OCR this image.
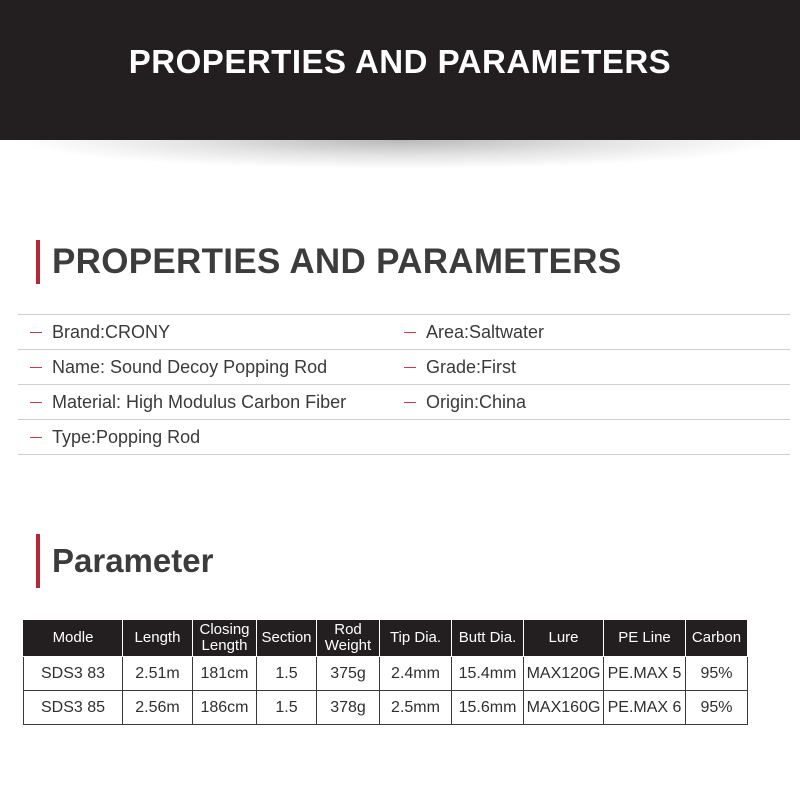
PROPERTIES AND PARAMETERS
PROPERTIES AND PARAMETERS
Brand:CRONY	Area:Saltwater
Name: Sound Decoy Popping Rod	Grade:First
Material: High Modulus Carbon Fiber	Origin:China
Type:Popping Rod
Parameter
Modle	Length	Closing Length	Section	Rod Weight	Tip Dia.	Butt Dia.	Lure	PE Line	Carbon
SDS3 83	2.51m	181cm	1.5	375g	2.4mm	15.4mm	MAX120G	PE.MAX 5	95%
SDS3 85	2.56m	186cm	1.5	378g	2.5mm	15.6mm	MAX160G	PE.MAX 6	95%
